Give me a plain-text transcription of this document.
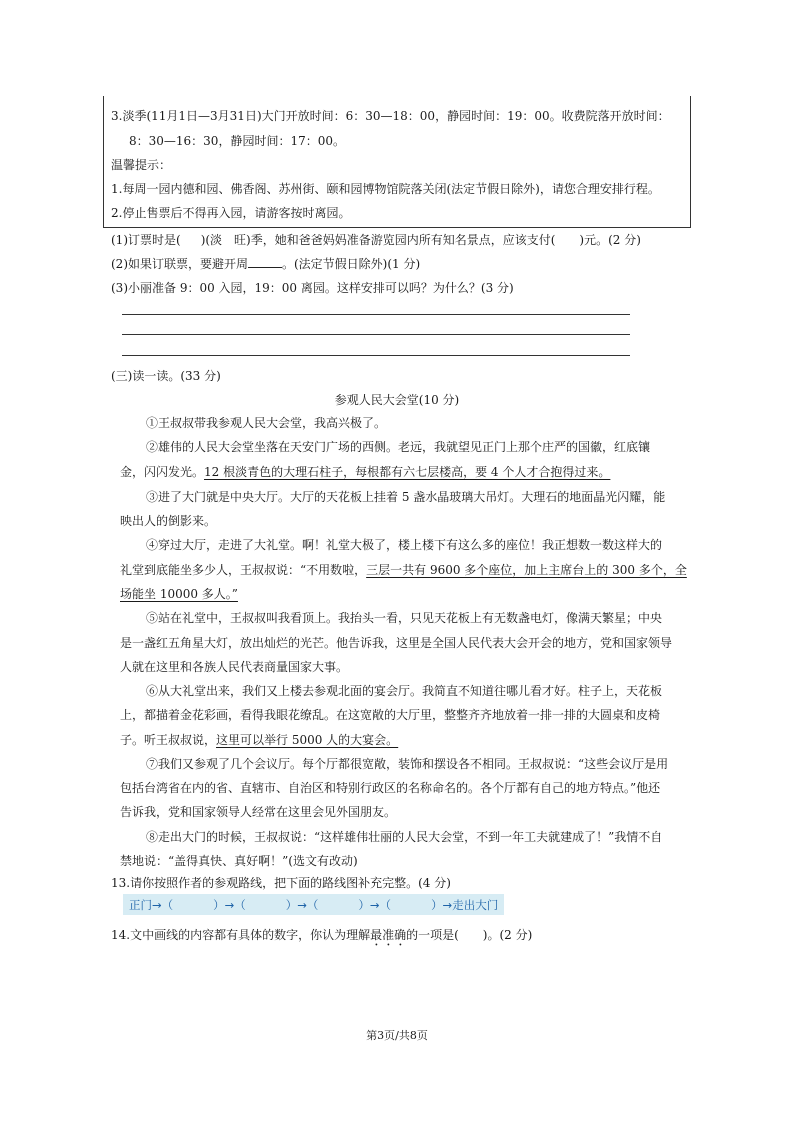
3.淡季(11月1日—3月31日)大门开放时间：6：30—18：00，静园时间：19：00。收费院落开放时间：
8：30—16：30，静园时间：17：00。
温馨提示：
1.每周一园内德和园、佛香阁、苏州街、颐和园博物馆院落关闭(法定节假日除外)，请您合理安排行程。
2.停止售票后不得再入园，请游客按时离园。
(1)订票时是( )(淡　旺)季，她和爸爸妈妈准备游览园内所有知名景点，应该支付( )元。(2 分)
(2)如果订联票，要避开周	。(法定节假日除外)(1 分)
(3)小丽准备 9：00 入园，19：00 离园。这样安排可以吗？为什么？(3 分)
(三)读一读。(33 分)
参观人民大会堂(10 分)
①王叔叔带我参观人民大会堂，我高兴极了。
②雄伟的人民大会堂坐落在天安门广场的西侧。老远，我就望见正门上那个庄严的国徽，红底镶
金，闪闪发光。12 根淡青色的大理石柱子，每根都有六七层楼高，要 4 个人才合抱得过来。
③进了大门就是中央大厅。大厅的天花板上挂着 5 盏水晶玻璃大吊灯。大理石的地面晶光闪耀，能
映出人的倒影来。
④穿过大厅，走进了大礼堂。啊！礼堂大极了，楼上楼下有这么多的座位！我正想数一数这样大的
礼堂到底能坐多少人，王叔叔说：“不用数啦，三层一共有 9600 多个座位，加上主席台上的 300 多个，全
场能坐 10000 多人。”
⑤站在礼堂中，王叔叔叫我看顶上。我抬头一看，只见天花板上有无数盏电灯，像满天繁星；中央
是一盏红五角星大灯，放出灿烂的光芒。他告诉我，这里是全国人民代表大会开会的地方，党和国家领导
人就在这里和各族人民代表商量国家大事。
⑥从大礼堂出来，我们又上楼去参观北面的宴会厅。我简直不知道往哪儿看才好。柱子上，天花板
上，都描着金花彩画，看得我眼花缭乱。在这宽敞的大厅里，整整齐齐地放着一排一排的大圆桌和皮椅
子。听王叔叔说，这里可以举行 5000 人的大宴会。
⑦我们又参观了几个会议厅。每个厅都很宽敞，装饰和摆设各不相同。王叔叔说：“这些会议厅是用
包括台湾省在内的省、直辖市、自治区和特别行政区的名称命名的。各个厅都有自己的地方特点。”他还
告诉我，党和国家领导人经常在这里会见外国朋友。
⑧走出大门的时候，王叔叔说：“这样雄伟壮丽的人民大会堂，不到一年工夫就建成了！”我情不自
禁地说：“盖得真快、真好啊！”(选文有改动)
13.请你按照作者的参观路线，把下面的路线图补充完整。(4 分)
正门→（	）→（	）→（	）→（	）→走出大门
14.文中画线的内容都有具体的数字，你认为理解最准确的一项是(　　)。(2 分)
第3页/共8页
